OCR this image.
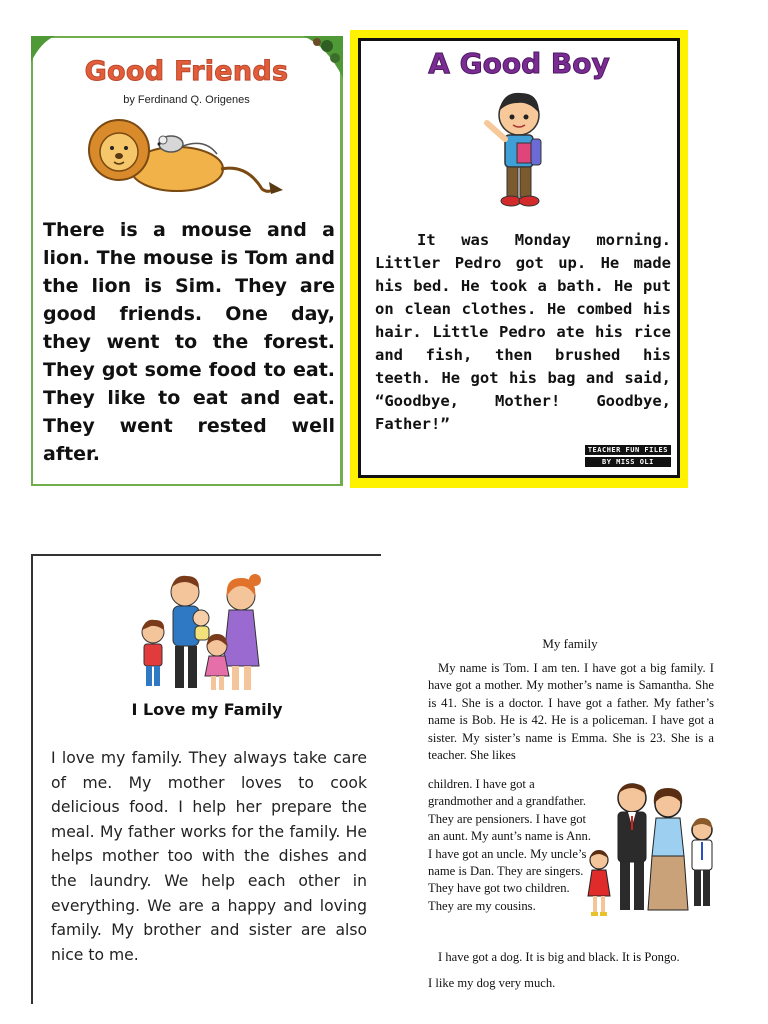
Good Friends
by Ferdinand Q. Origenes
There is a mouse and a lion. The mouse is Tom and the lion is Sim. They are good friends. One day, they went to the forest. They got some food to eat. They like to eat and eat. They went rested well after.
A Good Boy
It was Monday morning. Littler Pedro got up. He made his bed. He took a bath. He put on clean clothes. He combed his hair. Little Pedro ate his rice and fish, then brushed his teeth. He got his bag and said, “Goodbye, Mother! Goodbye, Father!”
TEACHER FUN FILES
BY MISS OLI
I Love my Family
I love my family. They always take care of me. My mother loves to cook delicious food. I help her prepare the meal. My father works for the family. He helps mother too with the dishes and the laundry. We help each other in everything. We are a happy and loving family. My brother and sister are also nice to me.
My family
My name is Tom. I am ten. I have got a big family. I have got a mother. My mother’s name is Samantha. She is 41. She is a doctor. I have got a father. My father’s name is Bob. He is 42. He is a policeman. I have got a sister. My sister’s name is Emma. She is 23. She is a teacher. She likes
children. I have got a grandmother and a grandfather. They are pensioners. I have got an aunt. My aunt’s name is Ann. I have got an uncle. My uncle’s name is Dan. They are singers. They have got two children. They are my cousins.
I have got a dog. It is big and black. It is Pongo.
I like my dog very much.
